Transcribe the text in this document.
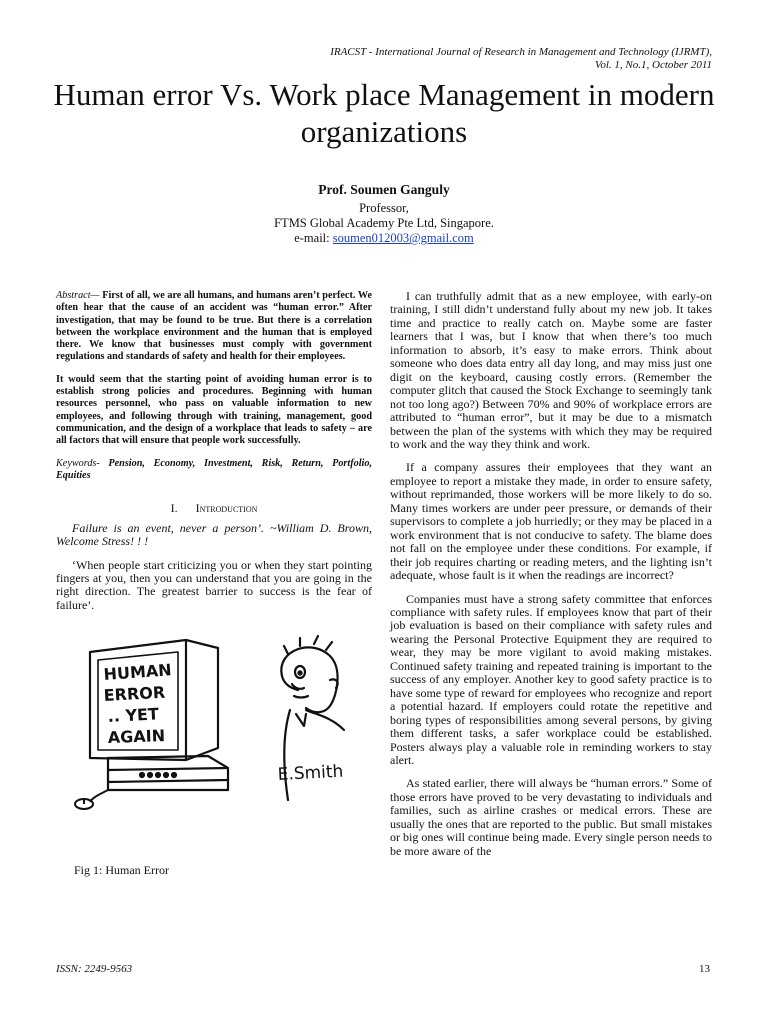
IRACST - International Journal of Research in Management and Technology (IJRMT),
Vol. 1, No.1, October 2011
Human error Vs. Work place Management in modern organizations
Prof. Soumen Ganguly
Professor,
FTMS Global Academy Pte Ltd, Singapore.
e-mail: soumen012003@gmail.com

Abstract— First of all, we are all humans, and humans aren’t perfect. We often hear that the cause of an accident was “human error.” After investigation, that may be found to be true. But there is a correlation between the workplace environment and the human that is employed there. We know that businesses must comply with government regulations and standards of safety and health for their employees.

It would seem that the starting point of avoiding human error is to establish strong policies and procedures. Beginning with human resources personnel, who pass on valuable information to new employees, and following through with training, management, good communication, and the design of a workplace that leads to safety – are all factors that will ensure that people work successfully.

Keywords- Pension, Economy, Investment, Risk, Return, Portfolio, Equities

I. Introduction

Failure is an event, never a person’. ~William D. Brown, Welcome Stress! ! !

‘When people start criticizing you or when they start pointing fingers at you, then you can understand that you are going in the right direction. The greatest barrier to success is the fear of failure’.

HUMAN
ERROR
.. YET
AGAIN
E.Smith
Fig 1: Human Error

I can truthfully admit that as a new employee, with early-on training, I still didn’t understand fully about my new job. It takes time and practice to really catch on. Maybe some are faster learners that I was, but I know that when there’s too much information to absorb, it’s easy to make errors. Think about someone who does data entry all day long, and may miss just one digit on the keyboard, causing costly errors. (Remember the computer glitch that caused the Stock Exchange to seemingly tank not too long ago?) Between 70% and 90% of workplace errors are attributed to “human error”, but it may be due to a mismatch between the plan of the systems with which they may be required to work and the way they think and work.

If a company assures their employees that they want an employee to report a mistake they made, in order to ensure safety, without reprimanded, those workers will be more likely to do so. Many times workers are under peer pressure, or demands of their supervisors to complete a job hurriedly; or they may be placed in a work environment that is not conducive to safety. The blame does not fall on the employee under these conditions. For example, if their job requires charting or reading meters, and the lighting isn’t adequate, whose fault is it when the readings are incorrect?

Companies must have a strong safety committee that enforces compliance with safety rules. If employees know that part of their job evaluation is based on their compliance with safety rules and wearing the Personal Protective Equipment they are required to wear, they may be more vigilant to avoid making mistakes. Continued safety training and repeated training is important to the success of any employer. Another key to good safety practice is to have some type of reward for employees who recognize and report a potential hazard. If employers could rotate the repetitive and boring types of responsibilities among several persons, by giving them different tasks, a safer workplace could be established. Posters always play a valuable role in reminding workers to stay alert.

As stated earlier, there will always be “human errors.” Some of those errors have proved to be very devastating to individuals and families, such as airline crashes or medical errors. These are usually the ones that are reported to the public. But small mistakes or big ones will continue being made. Every single person needs to be more aware of the

ISSN: 2249-9563	13
